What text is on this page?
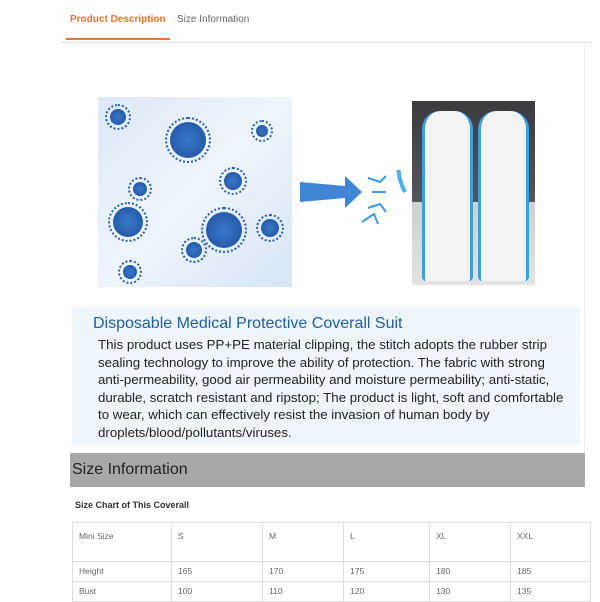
Product Description Size Information
Disposable Medical Protective Coverall Suit
This product uses PP+PE material clipping, the stitch adopts the rubber strip sealing technology to improve the ability of protection. The fabric with strong anti-permeability, good air permeability and moisture permeability; anti-static, durable, scratch resistant and ripstop; The product is light, soft and comfortable to wear, which can effectively resist the invasion of human body by droplets/blood/pollutants/viruses.
Size Information
Size Chart of This Coverall
Mini Size	S	M	L	XL	XXL
Height	165	170	175	180	185
Bust	100	110	120	130	135
